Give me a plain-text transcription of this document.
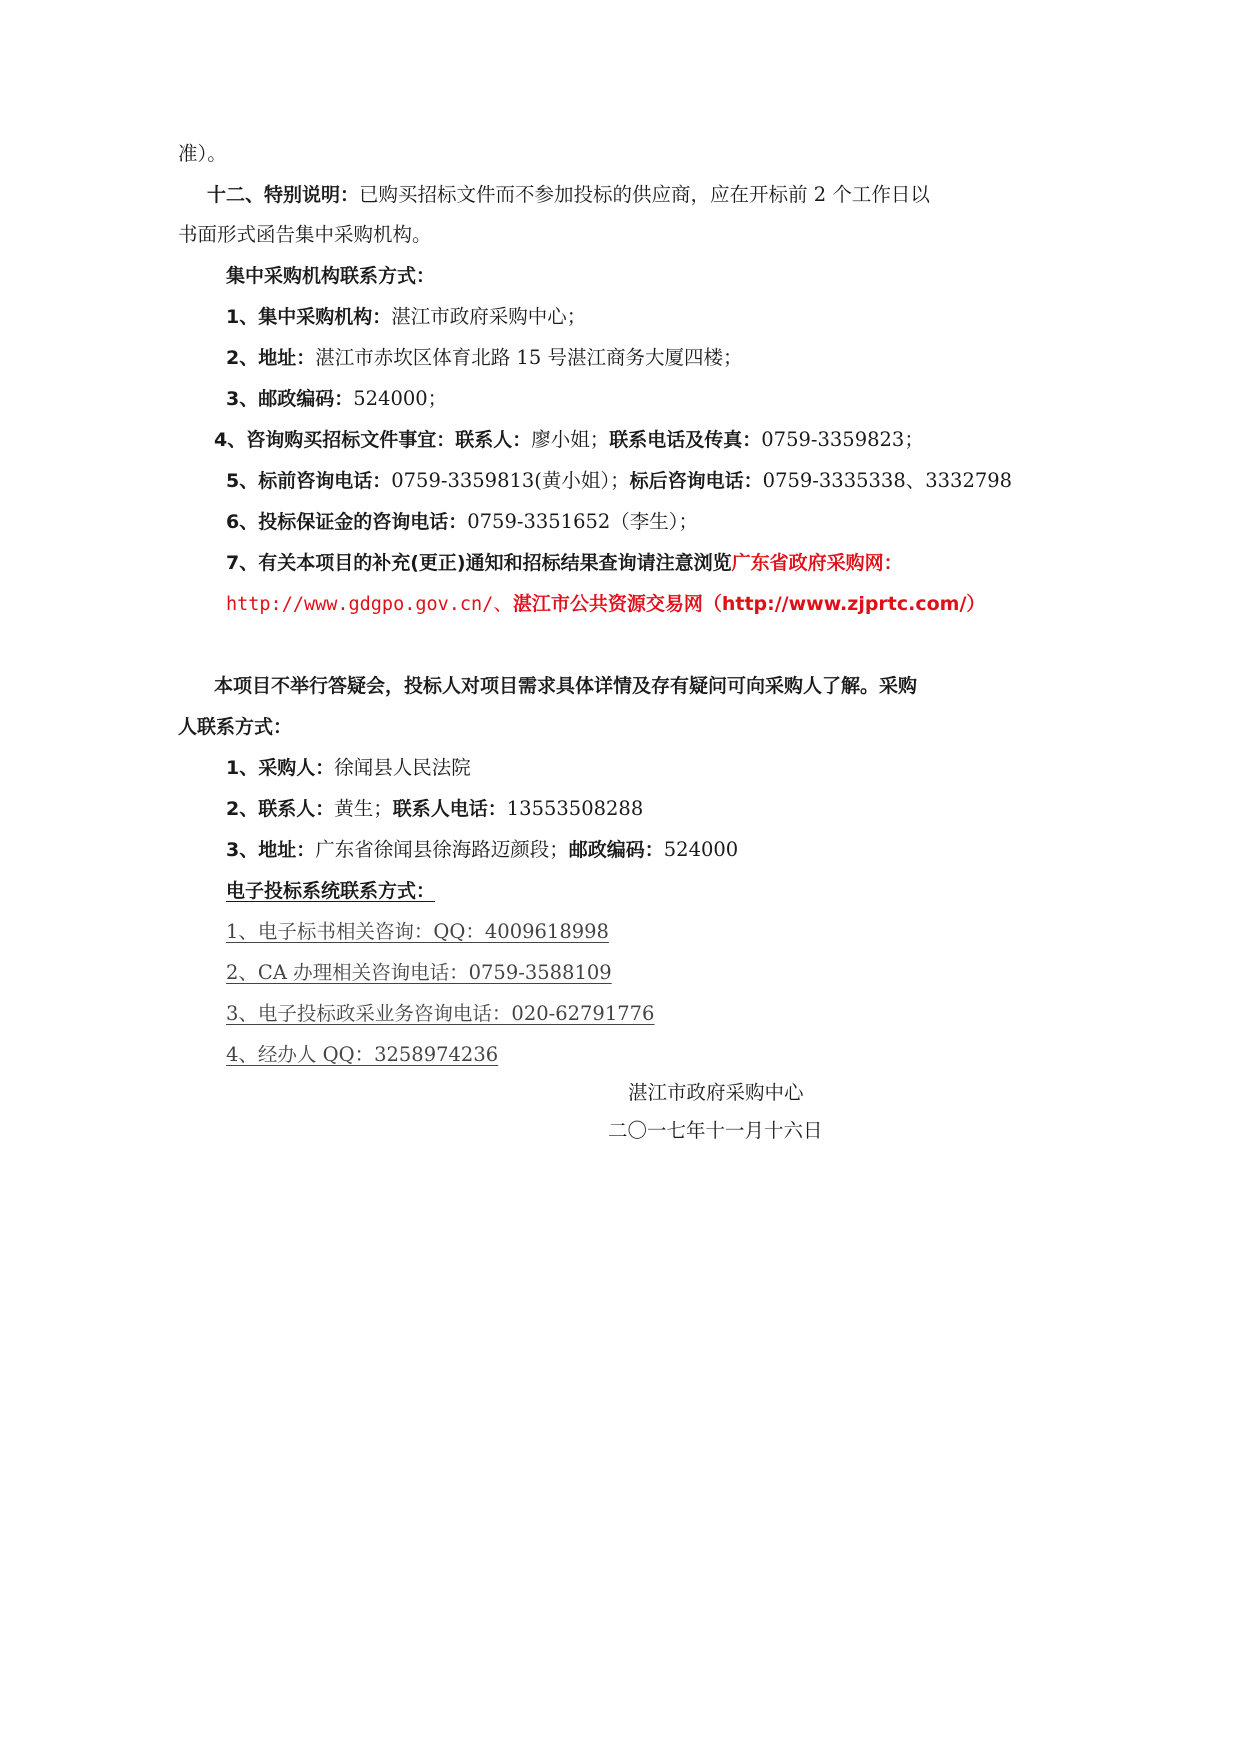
准）。
十二、特别说明：已购买招标文件而不参加投标的供应商，应在开标前 2 个工作日以
书面形式函告集中采购机构。
集中采购机构联系方式：
1、集中采购机构：湛江市政府采购中心；
2、地址：湛江市赤坎区体育北路 15 号湛江商务大厦四楼；
3、邮政编码：524000；
4、咨询购买招标文件事宜：联系人：廖小姐；联系电话及传真：0759-3359823；
5、标前咨询电话：0759-3359813(黄小姐）；标后咨询电话：0759-3335338、3332798
6、投标保证金的咨询电话：0759-3351652（李生）；
7、有关本项目的补充(更正)通知和招标结果查询请注意浏览广东省政府采购网：
http://www.gdgpo.gov.cn/、湛江市公共资源交易网（http://www.zjprtc.com/）
本项目不举行答疑会，投标人对项目需求具体详情及存有疑问可向采购人了解。采购
人联系方式：
1、采购人：徐闻县人民法院
2、联系人：黄生；联系人电话：13553508288
3、地址：广东省徐闻县徐海路迈颜段；邮政编码：524000
电子投标系统联系方式：
1、电子标书相关咨询：QQ：4009618998
2、CA 办理相关咨询电话：0759-3588109
3、电子投标政采业务咨询电话：020-62791776
4、经办人 QQ：3258974236
湛江市政府采购中心
二〇一七年十一月十六日
